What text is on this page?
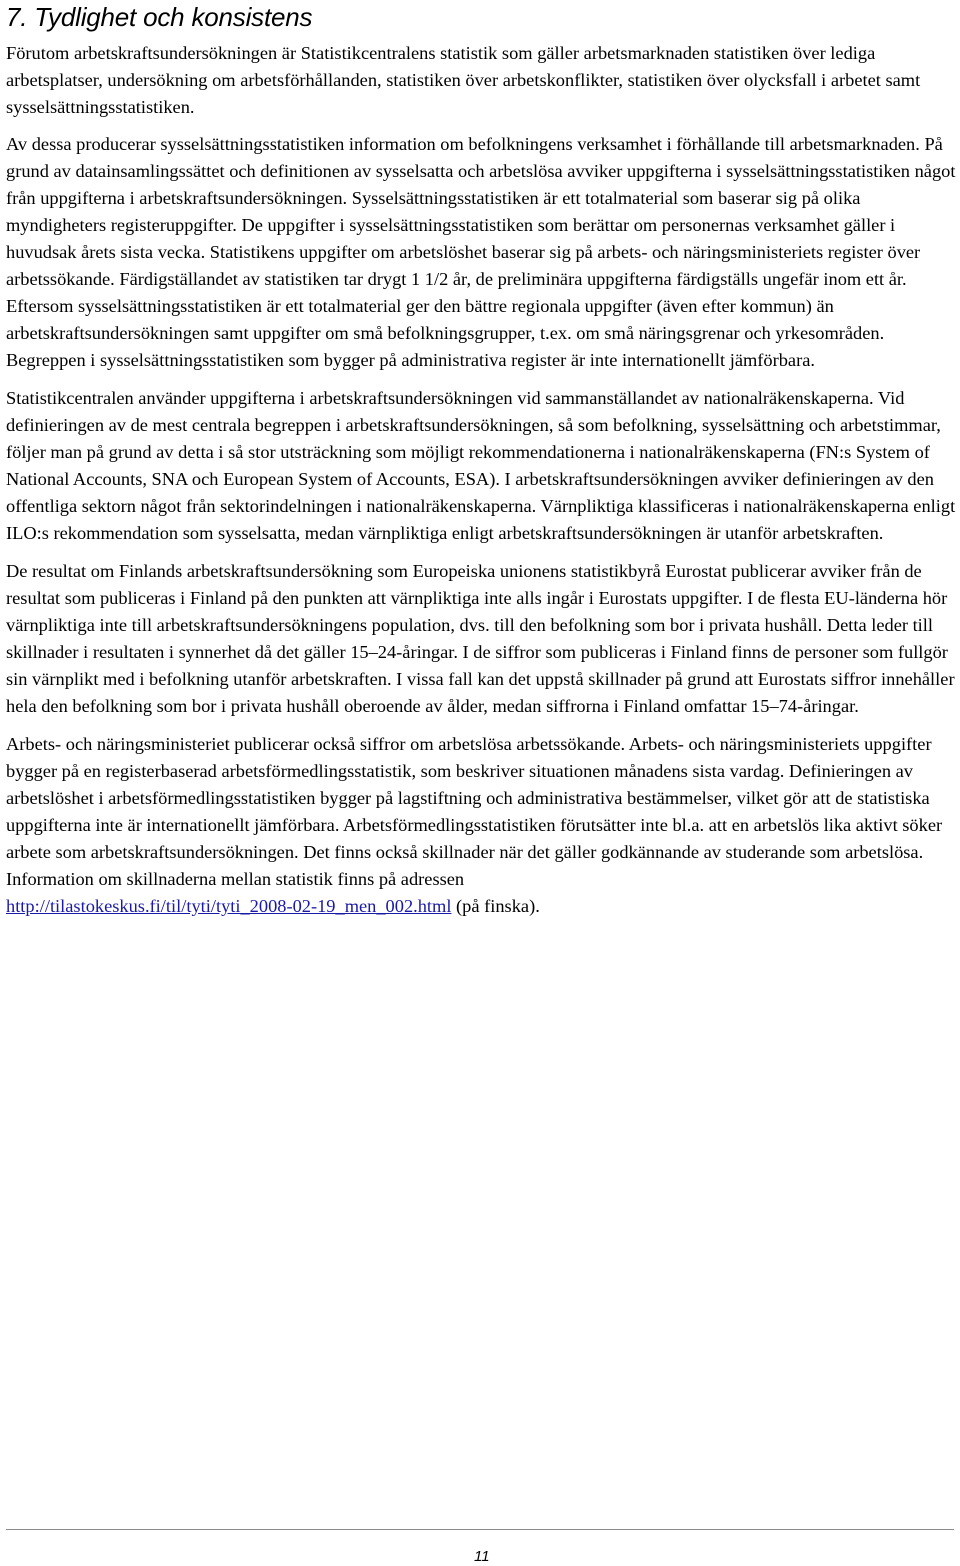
7. Tydlighet och konsistens

Förutom arbetskraftsundersökningen är Statistikcentralens statistik som gäller arbetsmarknaden statistiken över lediga arbetsplatser, undersökning om arbetsförhållanden, statistiken över arbetskonflikter, statistiken över olycksfall i arbetet samt sysselsättningsstatistiken.

Av dessa producerar sysselsättningsstatistiken information om befolkningens verksamhet i förhållande till arbetsmarknaden. På grund av datainsamlingssättet och definitionen av sysselsatta och arbetslösa avviker uppgifterna i sysselsättningsstatistiken något från uppgifterna i arbetskraftsundersökningen. Sysselsättningsstatistiken är ett totalmaterial som baserar sig på olika myndigheters registeruppgifter. De uppgifter i sysselsättningsstatistiken som berättar om personernas verksamhet gäller i huvudsak årets sista vecka. Statistikens uppgifter om arbetslöshet baserar sig på arbets- och näringsministeriets register över arbetssökande. Färdigställandet av statistiken tar drygt 1 1/2 år, de preliminära uppgifterna färdigställs ungefär inom ett år. Eftersom sysselsättningsstatistiken är ett totalmaterial ger den bättre regionala uppgifter (även efter kommun) än arbetskraftsundersökningen samt uppgifter om små befolkningsgrupper, t.ex. om små näringsgrenar och yrkesområden. Begreppen i sysselsättningsstatistiken som bygger på administrativa register är inte internationellt jämförbara.

Statistikcentralen använder uppgifterna i arbetskraftsundersökningen vid sammanställandet av nationalräkenskaperna. Vid definieringen av de mest centrala begreppen i arbetskraftsundersökningen, så som befolkning, sysselsättning och arbetstimmar, följer man på grund av detta i så stor utsträckning som möjligt rekommendationerna i nationalräkenskaperna (FN:s System of National Accounts, SNA och European System of Accounts, ESA). I arbetskraftsundersökningen avviker definieringen av den offentliga sektorn något från sektorindelningen i nationalräkenskaperna. Värnpliktiga klassificeras i nationalräkenskaperna enligt ILO:s rekommendation som sysselsatta, medan värnpliktiga enligt arbetskraftsundersökningen är utanför arbetskraften.

De resultat om Finlands arbetskraftsundersökning som Europeiska unionens statistikbyrå Eurostat publicerar avviker från de resultat som publiceras i Finland på den punkten att värnpliktiga inte alls ingår i Eurostats uppgifter. I de flesta EU-länderna hör värnpliktiga inte till arbetskraftsundersökningens population, dvs. till den befolkning som bor i privata hushåll. Detta leder till skillnader i resultaten i synnerhet då det gäller 15–24-åringar. I de siffror som publiceras i Finland finns de personer som fullgör sin värnplikt med i befolkning utanför arbetskraften. I vissa fall kan det uppstå skillnader på grund att Eurostats siffror innehåller hela den befolkning som bor i privata hushåll oberoende av ålder, medan siffrorna i Finland omfattar 15–74-åringar.

Arbets- och näringsministeriet publicerar också siffror om arbetslösa arbetssökande. Arbets- och näringsministeriets uppgifter bygger på en registerbaserad arbetsförmedlingsstatistik, som beskriver situationen månadens sista vardag. Definieringen av arbetslöshet i arbetsförmedlingsstatistiken bygger på lagstiftning och administrativa bestämmelser, vilket gör att de statistiska uppgifterna inte är internationellt jämförbara. Arbetsförmedlingsstatistiken förutsätter inte bl.a. att en arbetslös lika aktivt söker arbete som arbetskraftsundersökningen. Det finns också skillnader när det gäller godkännande av studerande som arbetslösa. Information om skillnaderna mellan statistik finns på adressen
http://tilastokeskus.fi/til/tyti/tyti_2008-02-19_men_002.html (på finska).

11
